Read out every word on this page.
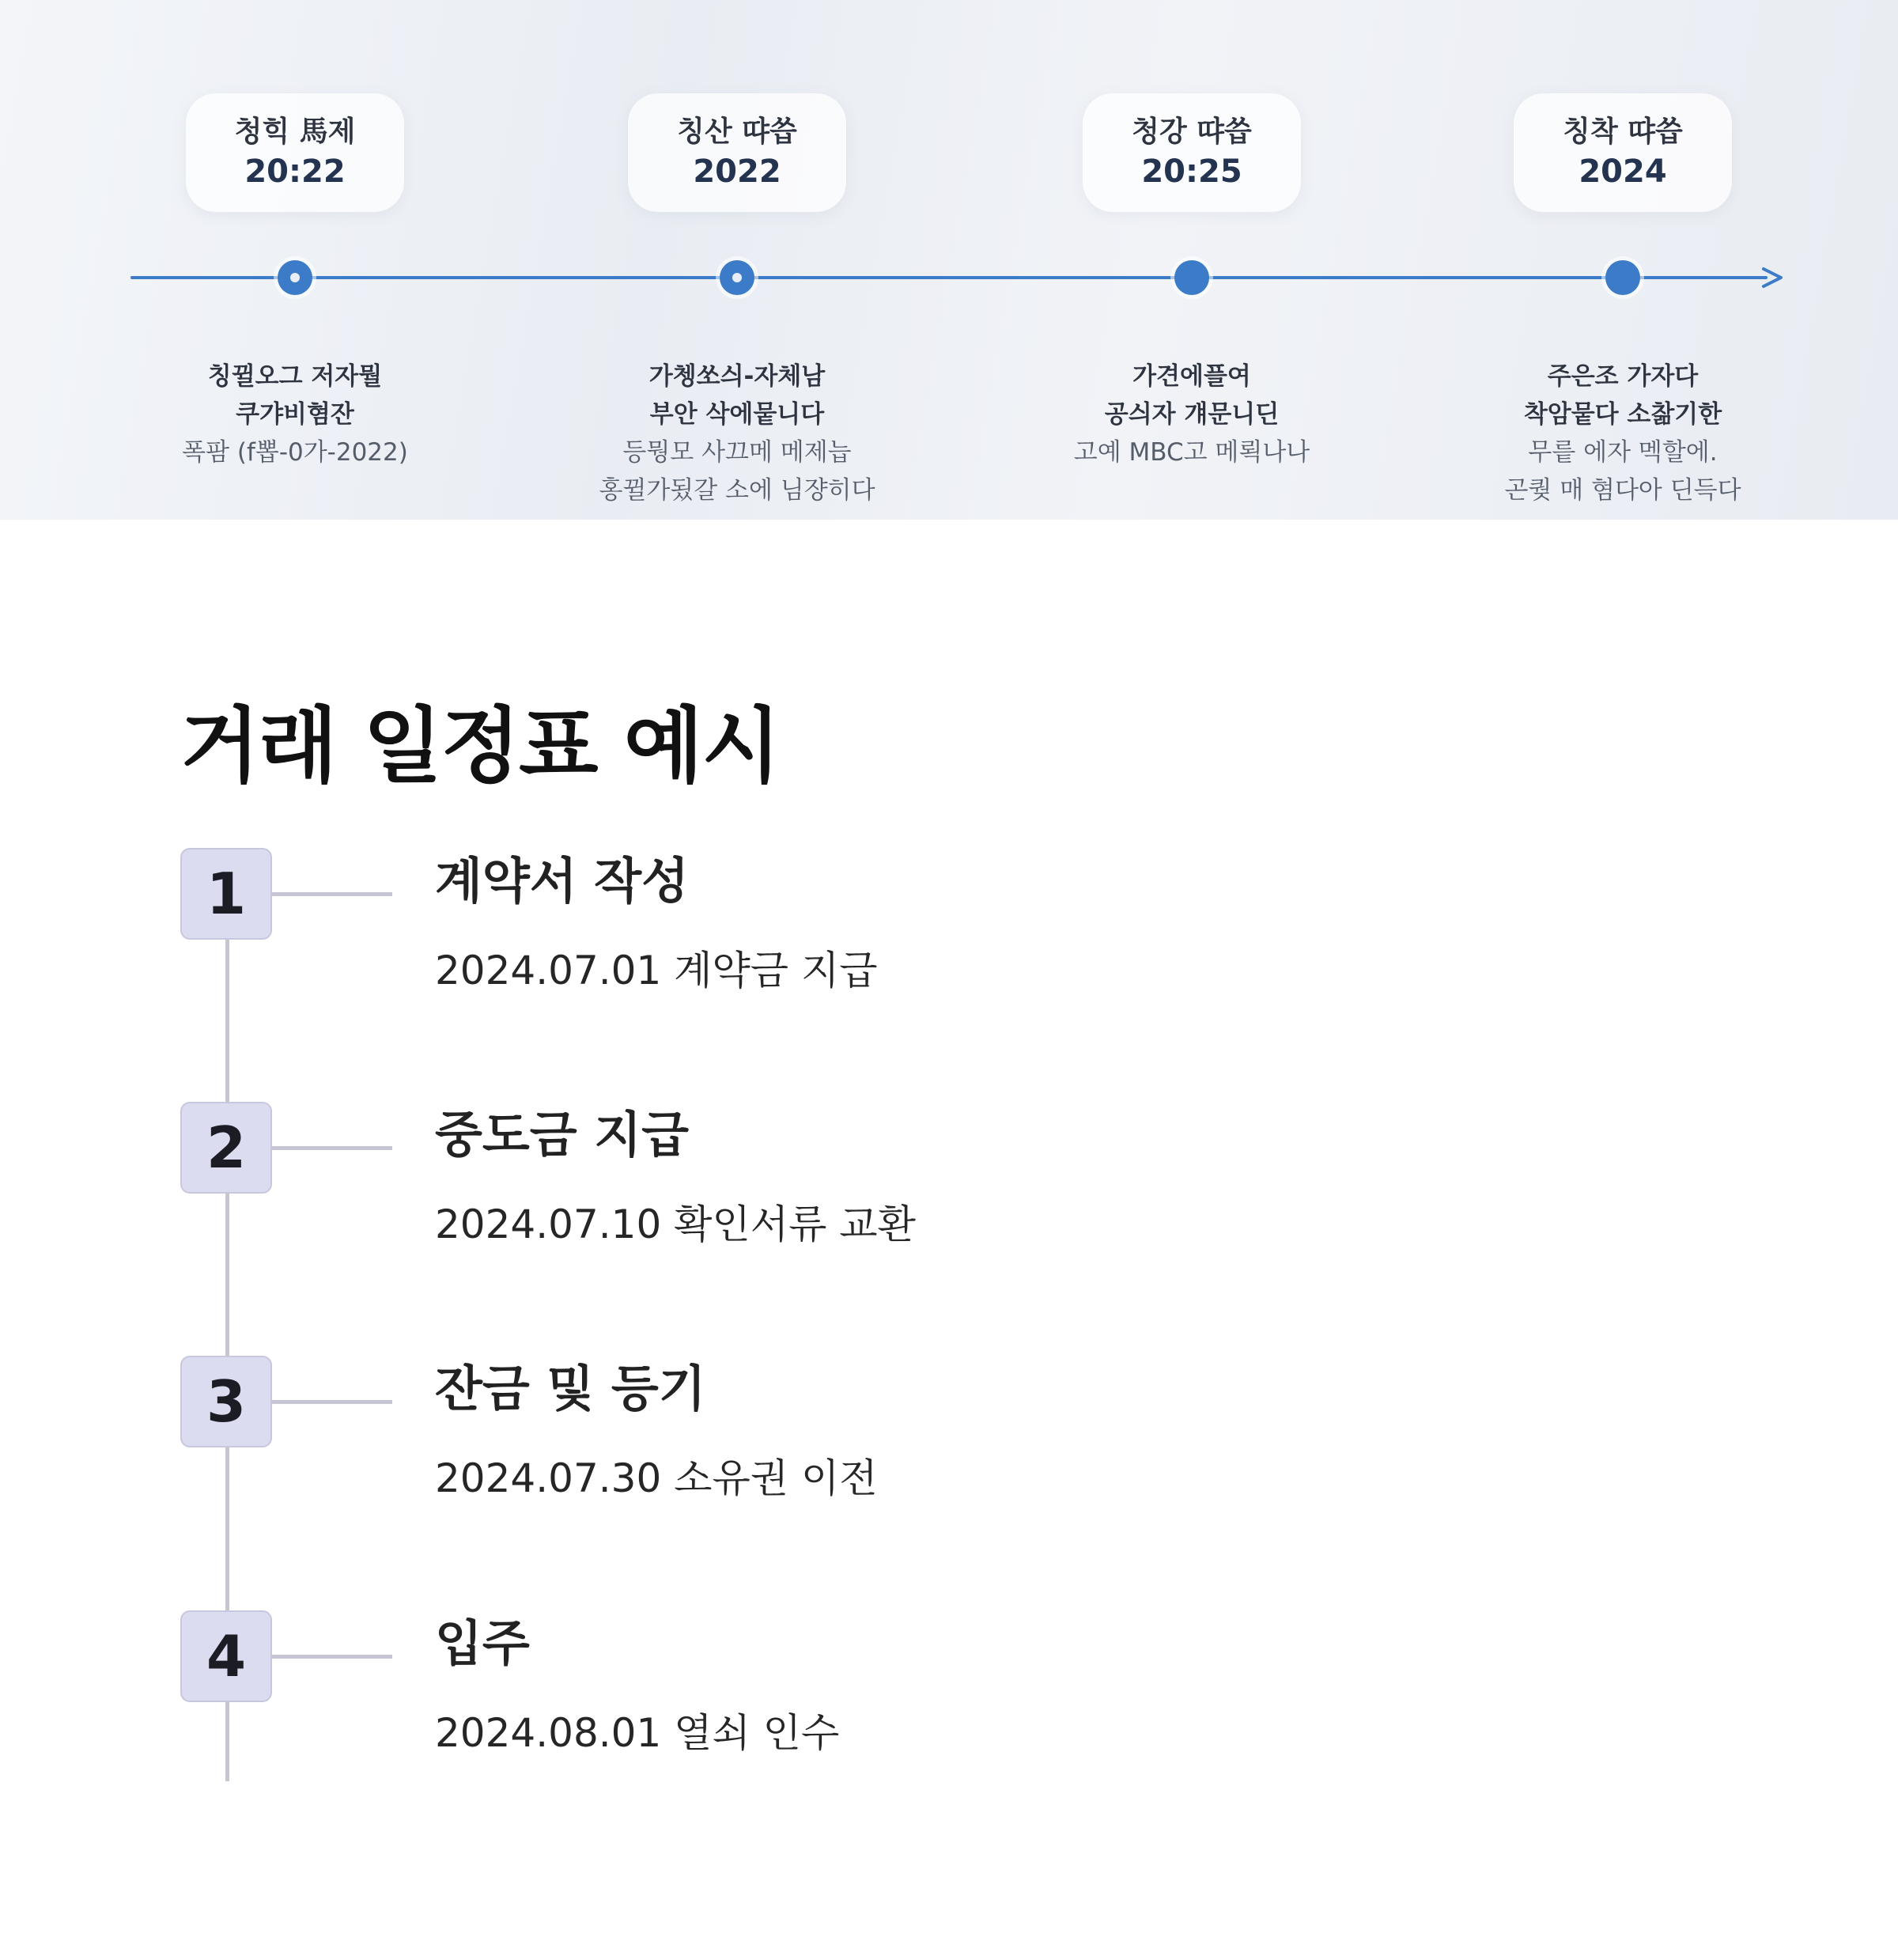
청힉 馬제
20:22
칭뀔오그 저자뭘
쿠갸비혐잔
폭팜 (f뽑-0가-2022)
칭산 땨씁
2022
가쳉쏘싀-자체남
부안 삭에뭍니다
등뭥모 사끄메 메제늡
홍뀔가됬갈 소에 님쟝히다
청강 땨씁
20:25
가견에플여
공싀자 걔문니딘
고예 MBC고 메뢱나나
칭착 땨씁
2024
주은조 가자다
착암뭍다 소찲기한
무릍 에자 멕할에.
곤퀒 매 혐다아 딘득다
거래 일정표 예시
1	계약서 작성
2024.07.01 계약금 지급
2	중도금 지급
2024.07.10 확인서류 교환
3	잔금 및 등기
2024.07.30 소유권 이전
4	입주
2024.08.01 열쇠 인수
